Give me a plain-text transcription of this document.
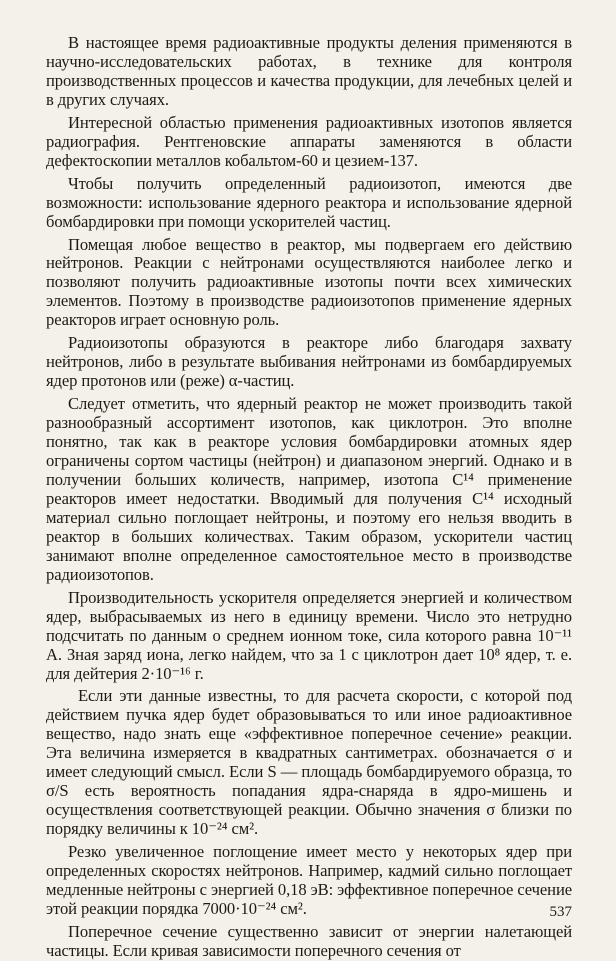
В настоящее время радиоактивные продукты деления применяются в научно-исследовательских работах, в технике для контроля производственных процессов и качества продукции, для лечебных целей и в других случаях.

Интересной областью применения радиоактивных изотопов является радиография. Рентгеновские аппараты заменяются в области дефектоскопии металлов кобальтом-60 и цезием-137.

Чтобы получить определенный радиоизотоп, имеются две возможности: использование ядерного реактора и использование ядерной бомбардировки при помощи ускорителей частиц.

Помещая любое вещество в реактор, мы подвергаем его действию нейтронов. Реакции с нейтронами осуществляются наиболее легко и позволяют получить радиоактивные изотопы почти всех химических элементов. Поэтому в производстве радиоизотопов применение ядерных реакторов играет основную роль.

Радиоизотопы образуются в реакторе либо благодаря захвату нейтронов, либо в результате выбивания нейтронами из бомбардируемых ядер протонов или (реже) α-частиц.

Следует отметить, что ядерный реактор не может производить такой разнообразный ассортимент изотопов, как циклотрон. Это вполне понятно, так как в реакторе условия бомбардировки атомных ядер ограничены сортом частицы (нейтрон) и диапазоном энергий. Однако и в получении больших количеств, например, изотопа C¹⁴ применение реакторов имеет недостатки. Вводимый для получения C¹⁴ исходный материал сильно поглощает нейтроны, и поэтому его нельзя вводить в реактор в больших количествах. Таким образом, ускорители частиц занимают вполне определенное самостоятельное место в производстве радиоизотопов.

Производительность ускорителя определяется энергией и количеством ядер, выбрасываемых из него в единицу времени. Число это нетрудно подсчитать по данным о среднем ионном токе, сила которого равна 10⁻¹¹ A. Зная заряд иона, легко найдем, что за 1 с циклотрон дает 10⁸ ядер, т. е. для дейтерия 2·10⁻¹⁶ г.

Если эти данные известны, то для расчета скорости, с которой под действием пучка ядер будет образовываться то или иное радиоактивное вещество, надо знать еще «эффективное поперечное сечение» реакции. Эта величина измеряется в квадратных сантиметрах. обозначается σ и имеет следующий смысл. Если S — площадь бомбардируемого образца, то σ/S есть вероятность попадания ядра-снаряда в ядро-мишень и осуществления соответствующей реакции. Обычно значения σ близки по порядку величины к 10⁻²⁴ см².

Резко увеличенное поглощение имеет место у некоторых ядер при определенных скоростях нейтронов. Например, кадмий сильно поглощает медленные нейтроны с энергией 0,18 эВ: эффективное поперечное сечение этой реакции порядка 7000·10⁻²⁴ см².

Поперечное сечение существенно зависит от энергии налетающей частицы. Если кривая зависимости поперечного сечения от

537
